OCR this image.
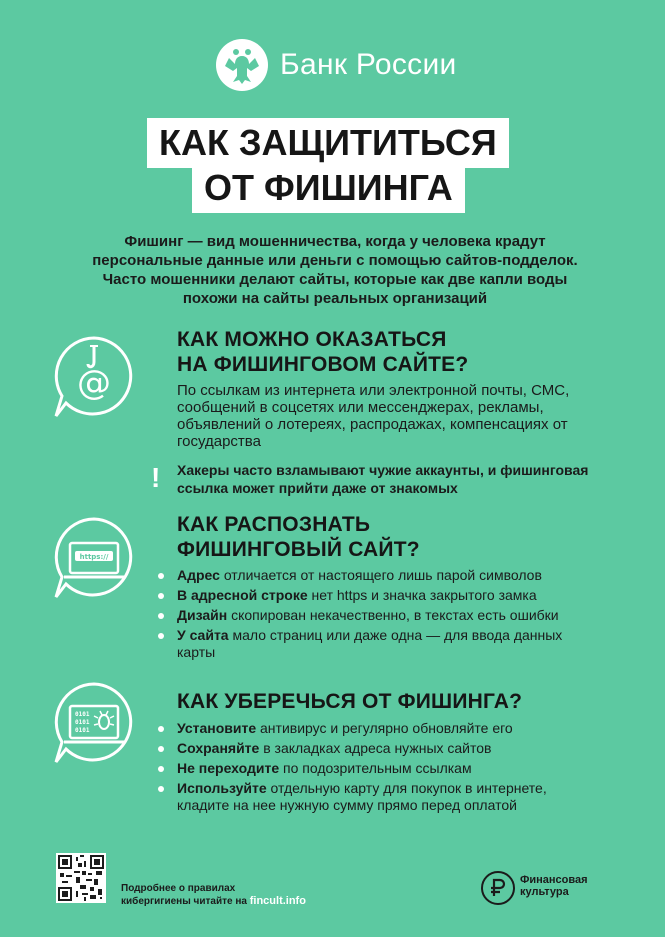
Банк России
КАК ЗАЩИТИТЬСЯ
ОТ ФИШИНГА
Фишинг — вид мошенничества, когда у человека крадут персональные данные или деньги с помощью сайтов-подделок. Часто мошенники делают сайты, которые как две капли воды похожи на сайты реальных организаций
@
КАК МОЖНО ОКАЗАТЬСЯ
НА ФИШИНГОВОМ САЙТЕ?
По ссылкам из интернета или электронной почты, СМС, сообщений в соцсетях или мессенджерах, рекламы, объявлений о лотереях, распродажах, компенсациях от государства
! Хакеры часто взламывают чужие аккаунты, и фишинговая ссылка может прийти даже от знакомых
https://
КАК РАСПОЗНАТЬ
ФИШИНГОВЫЙ САЙТ?
Адрес отличается от настоящего лишь парой символов
В адресной строке нет https и значка закрытого замка
Дизайн скопирован некачественно, в текстах есть ошибки
У сайта мало страниц или даже одна — для ввода данных карты
0101
0101
0101
КАК УБЕРЕЧЬСЯ ОТ ФИШИНГА?
Установите антивирус и регулярно обновляйте его
Сохраняйте в закладках адреса нужных сайтов
Не переходите по подозрительным ссылкам
Используйте отдельную карту для покупок в интернете, кладите на нее нужную сумму прямо перед оплатой
Подробнее о правилах
кибергигиены читайте на fincult.info
Финансовая
культура
